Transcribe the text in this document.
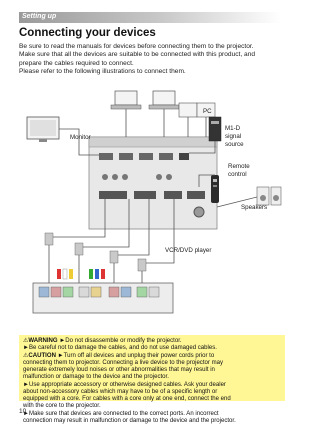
Setting up
Connecting your devices

Be sure to read the manuals for devices before connecting them to the projector.

Make sure that all the devices are suitable to be connected with this product, and

prepare the cables required to connect.

Please refer to the following illustrations to connect them.

PC
Monitor
M1-D
signal
source
Remote
control
Speakers
VCR/DVD player
⚠WARNING ►Do not disassemble or modify the projector.
►Be careful not to damage the cables, and do not use damaged cables.
⚠CAUTION ►Turn off all devices and unplug their power cords prior to
connecting them to projector. Connecting a live device to the projector may
generate extremely loud noises or other abnormalities that may result in
malfunction or damage to the device and the projector.
►Use appropriate accessory or otherwise designed cables. Ask your dealer
about non-accessory cables which may have to be of a specific length or
equipped with a core. For cables with a core only at one end, connect the end
with the core to the projector.
►Make sure that devices are connected to the correct ports. An incorrect
connection may result in malfunction or damage to the device and the projector.
10
